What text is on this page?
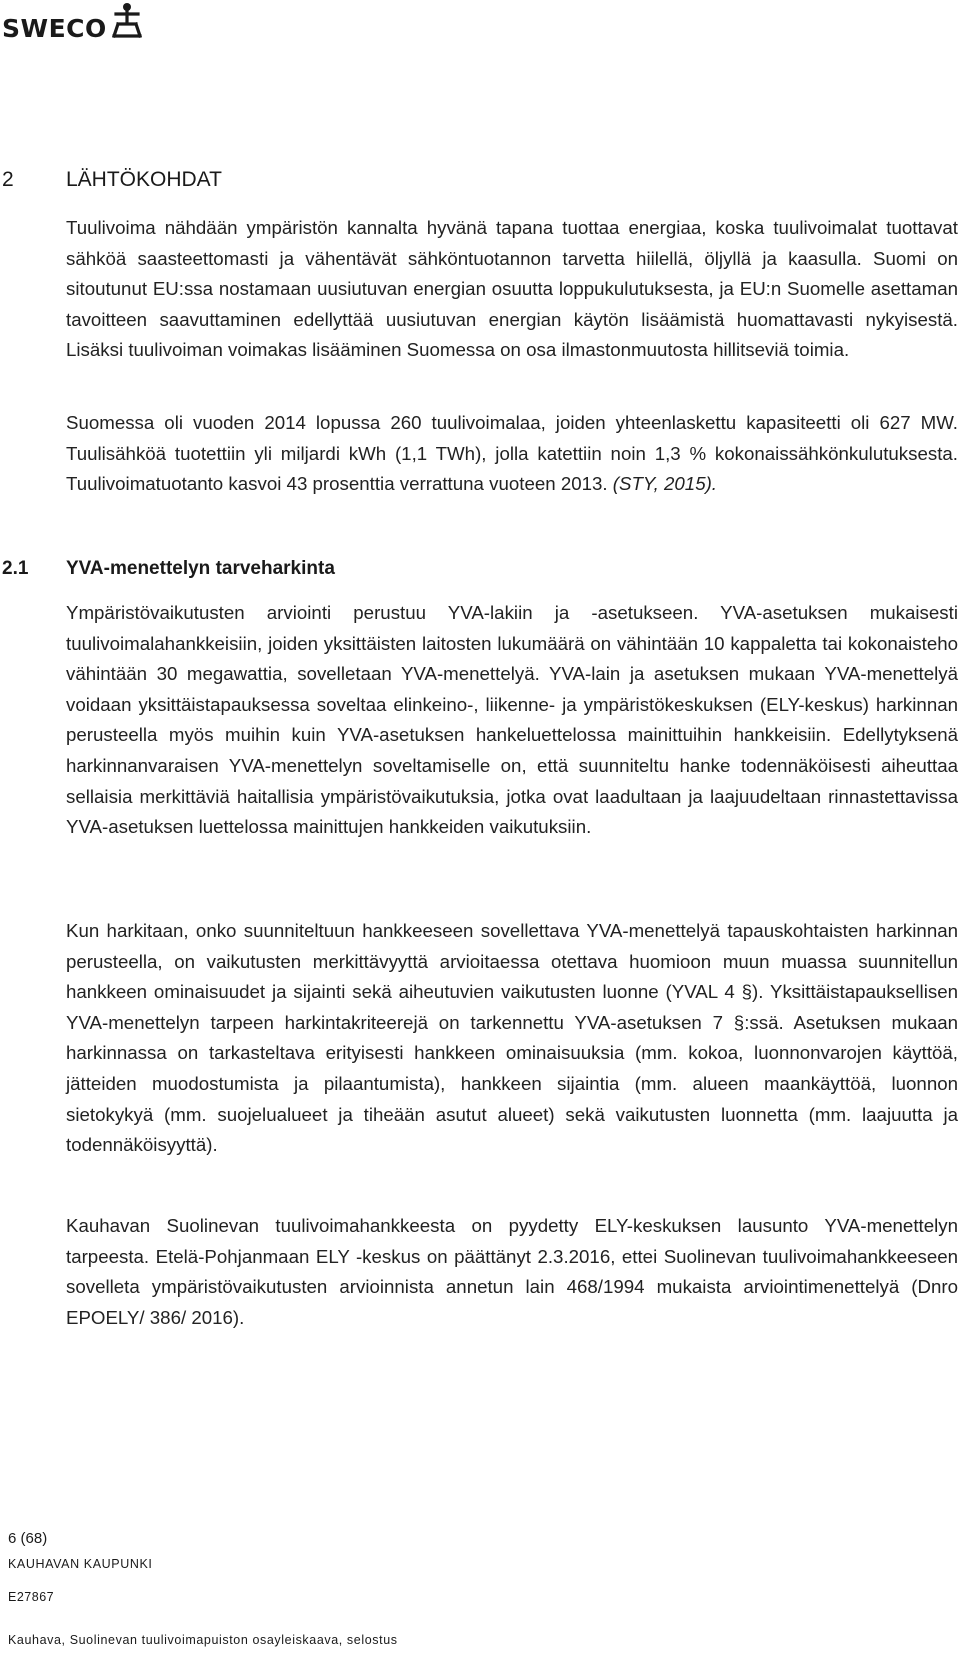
SWECO
2 LÄHTÖKOHDAT

Tuulivoima nähdään ympäristön kannalta hyvänä tapana tuottaa energiaa, koska tuulivoimalat tuottavat sähköä saasteettomasti ja vähentävät sähköntuotannon tarvetta hiilellä, öljyllä ja kaasulla. Suomi on sitoutunut EU:ssa nostamaan uusiutuvan energian osuutta loppukulutuksesta, ja EU:n Suomelle asettaman tavoitteen saavuttaminen edellyttää uusiutuvan energian käytön lisäämistä huomattavasti nykyisestä. Lisäksi tuulivoiman voimakas lisääminen Suomessa on osa ilmastonmuutosta hillitseviä toimia.

Suomessa oli vuoden 2014 lopussa 260 tuulivoimalaa, joiden yhteenlaskettu kapasiteetti oli 627 MW. Tuulisähköä tuotettiin yli miljardi kWh (1,1 TWh), jolla katettiin noin 1,3 % kokonaissähkönkulutuksesta. Tuulivoimatuotanto kasvoi 43 prosenttia verrattuna vuoteen 2013. (STY, 2015).

2.1 YVA-menettelyn tarveharkinta

Ympäristövaikutusten arviointi perustuu YVA-lakiin ja -asetukseen. YVA-asetuksen mukaisesti tuulivoimalahankkeisiin, joiden yksittäisten laitosten lukumäärä on vähintään 10 kappaletta tai kokonaisteho vähintään 30 megawattia, sovelletaan YVA-menettelyä. YVA-lain ja asetuksen mukaan YVA-menettelyä voidaan yksittäistapauksessa soveltaa elinkeino-, liikenne- ja ympäristökeskuksen (ELY-keskus) harkinnan perusteella myös muihin kuin YVA-asetuksen hankeluettelossa mainittuihin hankkeisiin. Edellytyksenä harkinnanvaraisen YVA-menettelyn soveltamiselle on, että suunniteltu hanke todennäköisesti aiheuttaa sellaisia merkittäviä haitallisia ympäristövaikutuksia, jotka ovat laadultaan ja laajuudeltaan rinnastettavissa YVA-asetuksen luettelossa mainittujen hankkeiden vaikutuksiin.

Kun harkitaan, onko suunniteltuun hankkeeseen sovellettava YVA-menettelyä tapauskohtaisten harkinnan perusteella, on vaikutusten merkittävyyttä arvioitaessa otettava huomioon muun muassa suunnitellun hankkeen ominaisuudet ja sijainti sekä aiheutuvien vaikutusten luonne (YVAL 4 §). Yksittäistapauksellisen YVA-menettelyn tarpeen harkintakriteerejä on tarkennettu YVA-asetuksen 7 §:ssä. Asetuksen mukaan harkinnassa on tarkasteltava erityisesti hankkeen ominaisuuksia (mm. kokoa, luonnonvarojen käyttöä, jätteiden muodostumista ja pilaantumista), hankkeen sijaintia (mm. alueen maankäyttöä, luonnon sietokykyä (mm. suojelualueet ja tiheään asutut alueet) sekä vaikutusten luonnetta (mm. laajuutta ja todennäköisyyttä).

Kauhavan Suolinevan tuulivoimahankkeesta on pyydetty ELY-keskuksen lausunto YVA-menettelyn tarpeesta. Etelä-Pohjanmaan ELY -keskus on päättänyt 2.3.2016, ettei Suolinevan tuulivoimahankkeeseen sovelleta ympäristövaikutusten arvioinnista annetun lain 468/1994 mukaista arviointimenettelyä (Dnro EPOELY/ 386/ 2016).

6 (68)
KAUHAVAN KAUPUNKI
E27867
Kauhava, Suolinevan tuulivoimapuiston osayleiskaava, selostus
